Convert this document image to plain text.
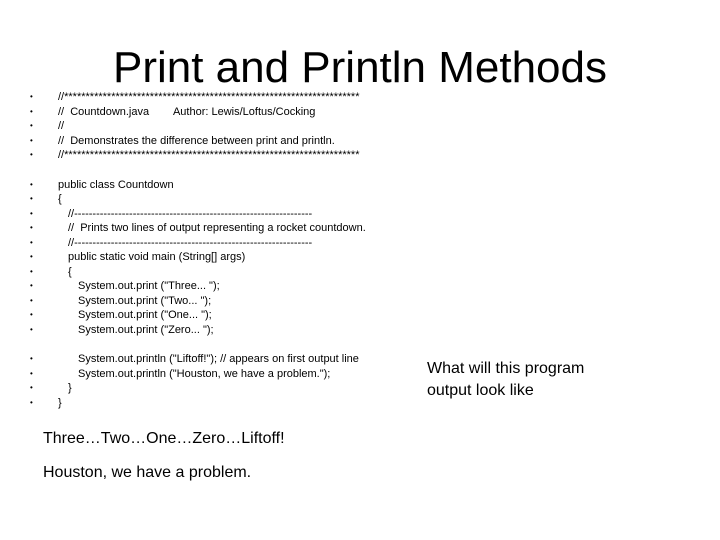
Print and Println Methods
•	//*********************************************************************
•	//  Countdown.java        Author: Lewis/Loftus/Cocking
•	//
•	//  Demonstrates the difference between print and println.
•	//*********************************************************************
•	public class Countdown
•	{
•	//-----------------------------------------------------------------
•	//  Prints two lines of output representing a rocket countdown.
•	//-----------------------------------------------------------------
•	public static void main (String[] args)
•	{
•	System.out.print ("Three... ");
•	System.out.print ("Two... ");
•	System.out.print ("One... ");
•	System.out.print ("Zero... ");
•	System.out.println ("Liftoff!"); // appears on first output line
•	System.out.println ("Houston, we have a problem.");
•	}
•	}
What will this program output look like
Three…Two…One…Zero…Liftoff!
Houston, we have a problem.
